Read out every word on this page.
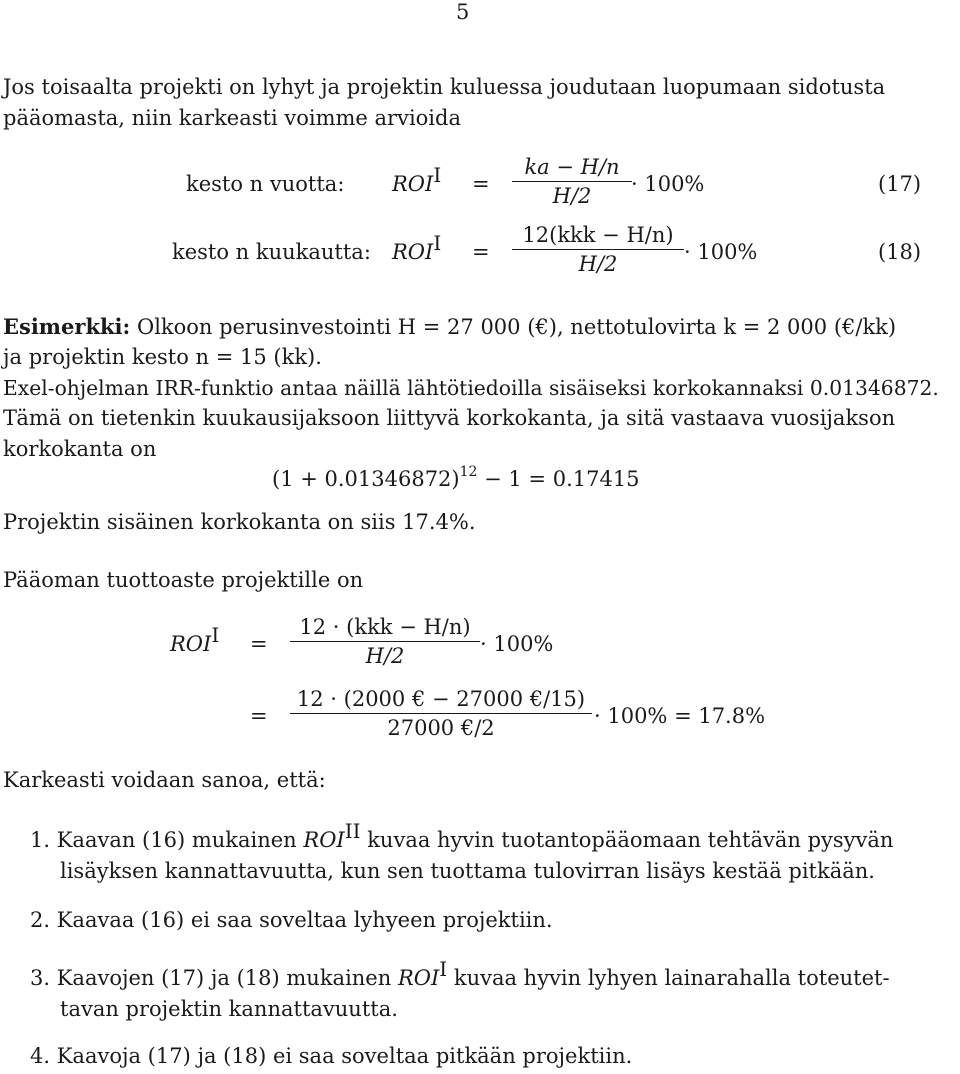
5
Jos toisaalta projekti on lyhyt ja projektin kuluessa joudutaan luopumaan sidotusta
pääomasta, niin karkeasti voimme arvioida
kesto n vuotta: ROII =
ka − H/n
H/2	· 100%	(17)
kesto n kuukautta: ROII =
12(kkk − H/n)
H/2	· 100%	(18)
Esimerkki: Olkoon perusinvestointi H = 27 000 (€), nettotulovirta k = 2 000 (€/kk)
ja projektin kesto n = 15 (kk).
Exel-ohjelman IRR-funktio antaa näillä lähtötiedoilla sisäiseksi korkokannaksi 0.01346872.
Tämä on tietenkin kuukausijaksoon liittyvä korkokanta, ja sitä vastaava vuosijakson
korkokanta on
$(1 + 0.01346872)^{12} - 1 = 0.17415$
Projektin sisäinen korkokanta on siis 17.4%.
Pääoman tuottoaste projektille on
ROII =
12 · (kkk − H/n)
H/2	· 100%
=
12 · (2000 € − 27000 €/15)
27000 €/2	· 100% = 17.8%
Karkeasti voidaan sanoa, että:
1. Kaavan (16) mukainen ROIII kuvaa hyvin tuotantopääomaan tehtävän pysyvän
lisäyksen kannattavuutta, kun sen tuottama tulovirran lisäys kestää pitkään.
2. Kaavaa (16) ei saa soveltaa lyhyeen projektiin.
3. Kaavojen (17) ja (18) mukainen ROII kuvaa hyvin lyhyen lainarahalla toteutet-
tavan projektin kannattavuutta.
4. Kaavoja (17) ja (18) ei saa soveltaa pitkään projektiin.
